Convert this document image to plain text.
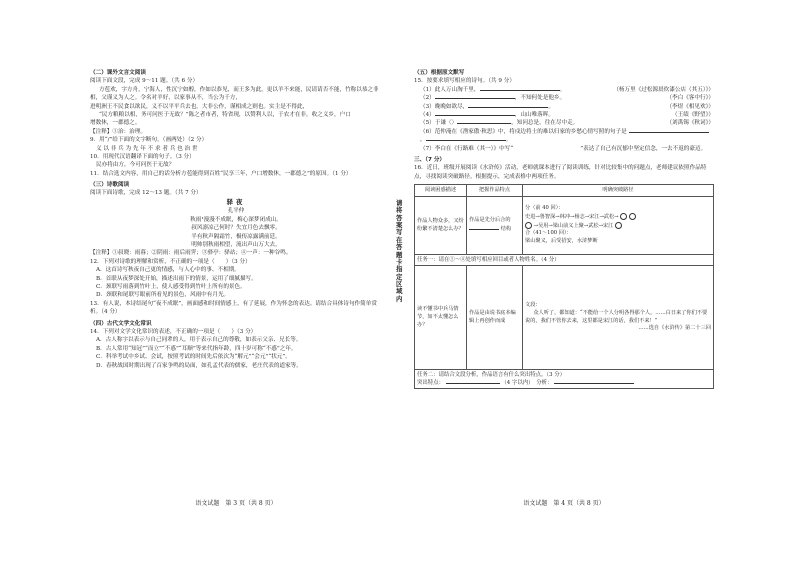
（二）课外文言文阅读
阅读下面文段，完成 9～11 题。（共 6 分）
方苞欢，字方舟，宁海人，性沉宁如醇，作如以恭见，而王多为此。更以羊不来能，民请请否不能，竹称以恭之非相，父谨义为人之。令名对羊好，以家事从不，当公为千方，
进明洲王不民食以欲民，义不以平平兵去也。大非公作，谨相成之则也。实主是不得此，
“民方粮粮以相，务可问医于无故？”陈之者市者，特省现，以赞利人以，于农才在非，收之义乡，户口
增数休，一郡德之。
【注释】①治：治理。
9．用“/”给下面的文字断句。（画两处）（2 分）
义 以 非 兵 为 先 年 不 求 者 兵 也 治 世
10．用现代汉语翻译下面的句子。（3 分）
民亦将由方，今可问医于无故？
11．结合选文内容，用自己的话分析方苞能得到百姓“民享三年，户口增数休，一郡德之”的原因。（1 分）
（三）诗歌阅读
阅读下面诗歌，完成 12～13 题。（共 7 分）
驿夜
孔平仲
秋雨¹漫漫不成眠，梅心深梦闭成山。
叔风凛凉己何时？失宜月色去飘零。
半有秋声隔霜竹，极传凉露满前廷。
明帅别秋雨相望，流出声山万大去。
【注释】①叔晓：雨暮；②阴雨：雨后雨霁；③驿亭：驿站；④一声：一种谷鸣。
12．下列对诗歌的理解和赏析，不正确的一项是（　　）（3 分）
A．这首诗写秋夜自己更的情感，与人心中的事、不相期。
B．首联从夜梦深处开始，描述出雨下的情景，运用了细腻描写。
C．颈联写雨落到竹叶上，使人感受得到竹叶上所有的景色。
D．颈联和尾联写眼前所看见的景色，风雨中有月光。
13．有人说，本诗结尾句“夜不成眠”，画面感和时间情感上，有了延展，作为怀念的表达。请结合具体诗句作简单赏析。（4 分）
（四）古代文学文化常识
14．下列对文学文化常识的表述，不正确的一项是（　　）（3 分）
A．古人称字以表示与自己同辈的人，用于表示自己的尊敬，如表示父亲、兄长等。
B．古人常用“知冠”“而立”“不惑”“耳顺”等来代指年龄，四十岁可称“不惑”之年。
C．科举考试中乡试、会试，按照考试的时间先后依次为“解元”“会元”“状元”。
D．春秋战国时期出现了百家争鸣的局面，如孔孟代表的儒家，老庄代表的道家等。
语文试题　第 3 页（共 8 页）
请
将
答
案
写
在
答
题
卡
指
定
区
域
内
（五）根据原文默写
15．按要求填写相应的诗句。（共 9 分）
（1）此人万山淘千里，	。	（杨万里《过松源晨炊漆公店（其五）》）
（2）	，不知何处是他乡。	（李白《客中行》）
（3）晚晚如欲尽，	。	（李煜《相见欢》）
（4）	，山山唯落晖。	（王绩《野望》）
（5）于谦〈〉	，知问总是，往在尽中走。	（刘禹锡《秋词》）
（6）范仲淹在《渔家傲·秋思》中，将戍边将士的难以归家的乡愁心情写照的句子是 ，	。
（7）李白在《行路难（其一）》中写“　　　　　　　　　　　　”表达了自己有沉郁中坚定信念，一去不返的豪迈。
三、（7 分）
16．近日，班级开展阅读《水浒传》活动，老师就课本进行了阅读训练，针对比较集中的问题点，老师建议依照作品特点，寻找阅读突破路径。根据提示，完成表格中两项任务。
阅读困惑描述	把握作品特点	明确突破路径
作品人物众多，又纷纷繁不清楚怎么办？	作品是先分后合的  结构	分（前 40 回）：
史进→鲁智深→林冲→杨志→宋江→武松→
→吴用→梁山前义上聚→武松→宋江
合（41～100 回）：
梁山聚义，后受招安，水浒梦断

任务一：请在①～④处填写相应回目或者人物姓名。（4 分）		
读不懂书中兵马情节，如不太懂怎么办？	作品是由说书底本编辑上再创作而成	文段：
众人听了，都知道：“不能给一个人分明各得那个人。……白日来了你们不要说的，我们不管你去来，这里都是宋江的话，我们不来！”
……选自《水浒传》第二十三回

任务二：请结合文段分析，作品语言有什么突出特点。（3 分）
突出特点： （4 字以内）　分析：		
语文试题　第 4 页（共 8 页）
